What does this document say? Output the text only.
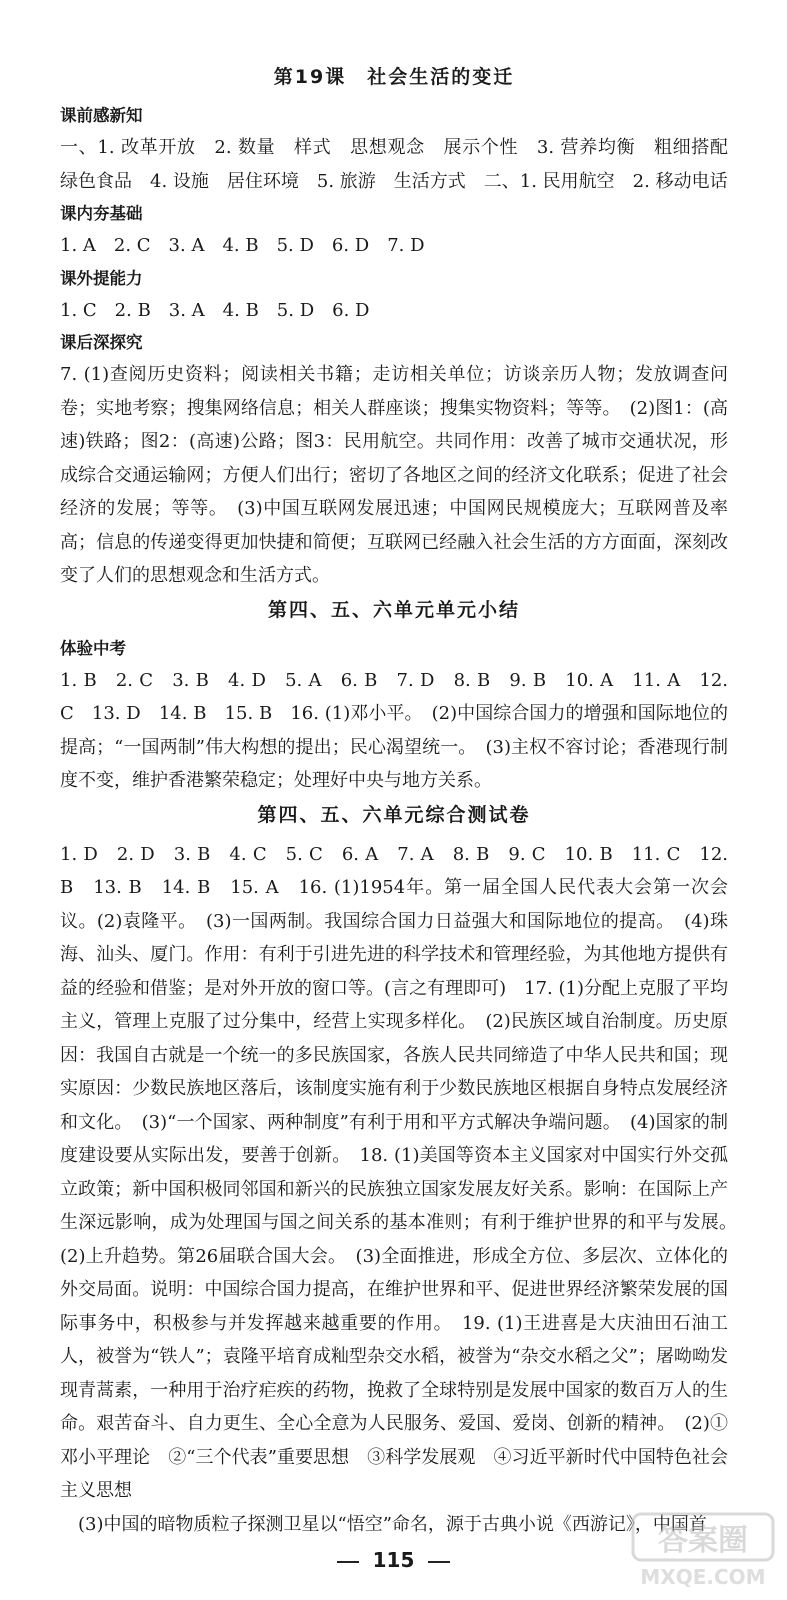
第19课　社会生活的变迁
课前感新知
一、1. 改革开放　2. 数量　样式　思想观念　展示个性　3. 营养均衡　粗细搭配　绿色食品　4. 设施　居住环境　5. 旅游　生活方式　二、1. 民用航空　2. 移动电话
课内夯基础
1. A　2. C　3. A　4. B　5. D　6. D　7. D
课外提能力
1. C　2. B　3. A　4. B　5. D　6. D
课后深探究
7. (1)查阅历史资料；阅读相关书籍；走访相关单位；访谈亲历人物；发放调查问卷；实地考察；搜集网络信息；相关人群座谈；搜集实物资料；等等。　(2)图1：(高速)铁路；图2：(高速)公路；图3：民用航空。共同作用：改善了城市交通状况，形成综合交通运输网；方便人们出行；密切了各地区之间的经济文化联系；促进了社会经济的发展；等等。　(3)中国互联网发展迅速；中国网民规模庞大；互联网普及率高；信息的传递变得更加快捷和简便；互联网已经融入社会生活的方方面面，深刻改变了人们的思想观念和生活方式。
第四、五、六单元单元小结
体验中考
1. B　2. C　3. B　4. D　5. A　6. B　7. D　8. B　9. B　10. A　11. A　12. C　13. D　14. B　15. B　16. (1)邓小平。　(2)中国综合国力的增强和国际地位的提高；“一国两制”伟大构想的提出；民心渴望统一。　(3)主权不容讨论；香港现行制度不变，维护香港繁荣稳定；处理好中央与地方关系。
第四、五、六单元综合测试卷
1. D　2. D　3. B　4. C　5. C　6. A　7. A　8. B　9. C　10. B　11. C　12. B　13. B　14. B　15. A　16. (1)1954年。第一届全国人民代表大会第一次会议。(2)袁隆平。　(3)一国两制。我国综合国力日益强大和国际地位的提高。　(4)珠海、汕头、厦门。作用：有利于引进先进的科学技术和管理经验，为其他地方提供有益的经验和借鉴；是对外开放的窗口等。(言之有理即可)　17. (1)分配上克服了平均主义，管理上克服了过分集中，经营上实现多样化。　(2)民族区域自治制度。历史原因：我国自古就是一个统一的多民族国家，各族人民共同缔造了中华人民共和国；现实原因：少数民族地区落后，该制度实施有利于少数民族地区根据自身特点发展经济和文化。　(3)“一个国家、两种制度”有利于用和平方式解决争端问题。　(4)国家的制度建设要从实际出发，要善于创新。　18. (1)美国等资本主义国家对中国实行外交孤立政策；新中国积极同邻国和新兴的民族独立国家发展友好关系。影响：在国际上产生深远影响，成为处理国与国之间关系的基本准则；有利于维护世界的和平与发展。　(2)上升趋势。第26届联合国大会。　(3)全面推进，形成全方位、多层次、立体化的外交局面。说明：中国综合国力提高，在维护世界和平、促进世界经济繁荣发展的国际事务中，积极参与并发挥越来越重要的作用。　19. (1)王进喜是大庆油田石油工人，被誉为“铁人”；袁隆平培育成籼型杂交水稻，被誉为“杂交水稻之父”；屠呦呦发现青蒿素，一种用于治疗疟疾的药物，挽救了全球特别是发展中国家的数百万人的生命。艰苦奋斗、自力更生、全心全意为人民服务、爱国、爱岗、创新的精神。　(2)①邓小平理论　②“三个代表”重要思想　③科学发展观　④习近平新时代中国特色社会主义思想
　(3)中国的暗物质粒子探测卫星以“悟空”命名，源于古典小说《西游记》，中国首
115
答案圈
MXQE.COM
